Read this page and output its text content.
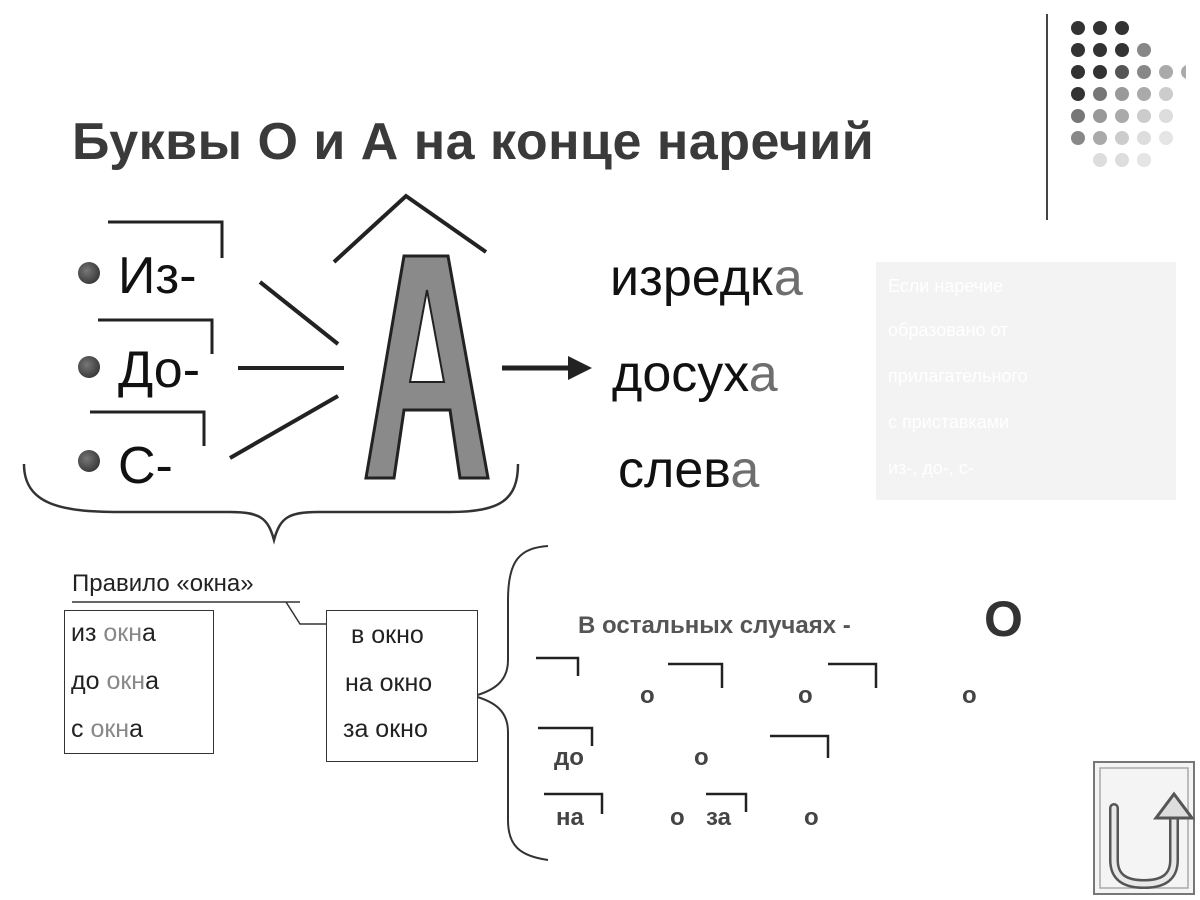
Буквы О и А на конце наречий
Из-
До-
С-
изредка
досуха
слева
Если наречие
образовано от
прилагательного
с приставками
из-, до-, с-
Правило «окна»
из окна
до окна
с окна
в окно
на окно
за окно
В остальных случаях -	О
о	о	о
до	о
на	о за	о
